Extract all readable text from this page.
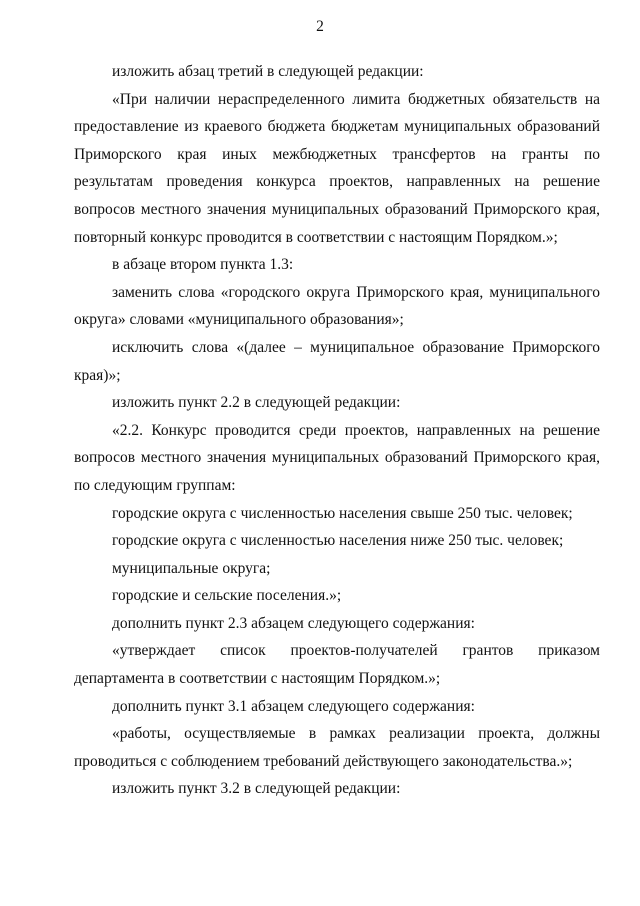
2

изложить абзац третий в следующей редакции:

«При наличии нераспределенного лимита бюджетных обязательств на предоставление из краевого бюджета бюджетам муниципальных образований Приморского края иных межбюджетных трансфертов на гранты по результатам проведения конкурса проектов, направленных на решение вопросов местного значения муниципальных образований Приморского края, повторный конкурс проводится в соответствии с настоящим Порядком.»;

в абзаце втором пункта 1.3:

заменить слова «городского округа Приморского края, муниципального округа» словами «муниципального образования»;

исключить слова «(далее – муниципальное образование Приморского края)»;

изложить пункт 2.2 в следующей редакции:

«2.2. Конкурс проводится среди проектов, направленных на решение вопросов местного значения муниципальных образований Приморского края, по следующим группам:

городские округа с численностью населения свыше 250 тыс. человек;

городские округа с численностью населения ниже 250 тыс. человек;

муниципальные округа;

городские и сельские поселения.»;

дополнить пункт 2.3 абзацем следующего содержания:

«утверждает список проектов-получателей грантов приказом департамента в соответствии с настоящим Порядком.»;

дополнить пункт 3.1 абзацем следующего содержания:

«работы, осуществляемые в рамках реализации проекта, должны проводиться с соблюдением требований действующего законодательства.»;

изложить пункт 3.2 в следующей редакции:
